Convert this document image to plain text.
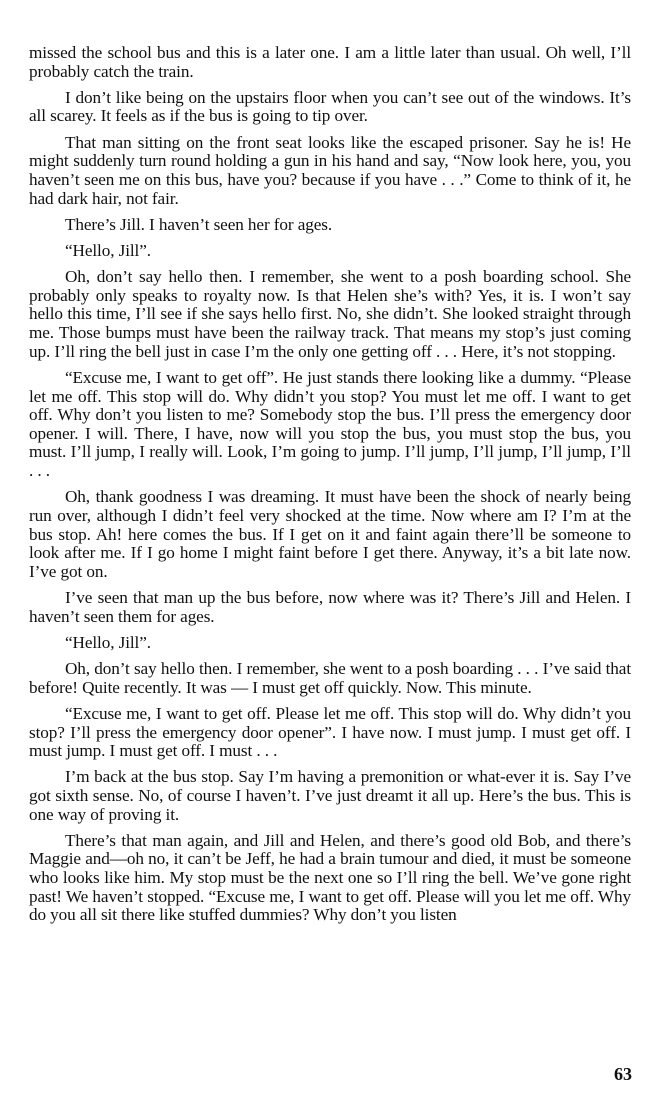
missed the school bus and this is a later one. I am a little later than usual. Oh well, I’ll probably catch the train.

I don’t like being on the upstairs floor when you can’t see out of the windows. It’s all scarey. It feels as if the bus is going to tip over.

That man sitting on the front seat looks like the escaped prisoner. Say he is! He might suddenly turn round holding a gun in his hand and say, “Now look here, you, you haven’t seen me on this bus, have you? because if you have . . .” Come to think of it, he had dark hair, not fair.

There’s Jill. I haven’t seen her for ages.

“Hello, Jill”.

Oh, don’t say hello then. I remember, she went to a posh boarding school. She probably only speaks to royalty now. Is that Helen she’s with? Yes, it is. I won’t say hello this time, I’ll see if she says hello first. No, she didn’t. She looked straight through me. Those bumps must have been the railway track. That means my stop’s just coming up. I’ll ring the bell just in case I’m the only one getting off . . . Here, it’s not stopping.

“Excuse me, I want to get off”. He just stands there looking like a dummy. “Please let me off. This stop will do. Why didn’t you stop? You must let me off. I want to get off. Why don’t you listen to me? Somebody stop the bus. I’ll press the emergency door opener. I will. There, I have, now will you stop the bus, you must stop the bus, you must. I’ll jump, I really will. Look, I’m going to jump. I’ll jump, I’ll jump, I’ll jump, I’ll . . .

Oh, thank goodness I was dreaming. It must have been the shock of nearly being run over, although I didn’t feel very shocked at the time. Now where am I? I’m at the bus stop. Ah! here comes the bus. If I get on it and faint again there’ll be someone to look after me. If I go home I might faint before I get there. Anyway, it’s a bit late now. I’ve got on.

I’ve seen that man up the bus before, now where was it? There’s Jill and Helen. I haven’t seen them for ages.

“Hello, Jill”.

Oh, don’t say hello then. I remember, she went to a posh boarding . . . I’ve said that before! Quite recently. It was — I must get off quickly. Now. This minute.

“Excuse me, I want to get off. Please let me off. This stop will do. Why didn’t you stop? I’ll press the emergency door opener”. I have now. I must jump. I must get off. I must jump. I must get off. I must . . .

I’m back at the bus stop. Say I’m having a premonition or what-ever it is. Say I’ve got sixth sense. No, of course I haven’t. I’ve just dreamt it all up. Here’s the bus. This is one way of proving it.

There’s that man again, and Jill and Helen, and there’s good old Bob, and there’s Maggie and—oh no, it can’t be Jeff, he had a brain tumour and died, it must be someone who looks like him. My stop must be the next one so I’ll ring the bell. We’ve gone right past! We haven’t stopped. “Excuse me, I want to get off. Please will you let me off. Why do you all sit there like stuffed dummies? Why don’t you listen

63
